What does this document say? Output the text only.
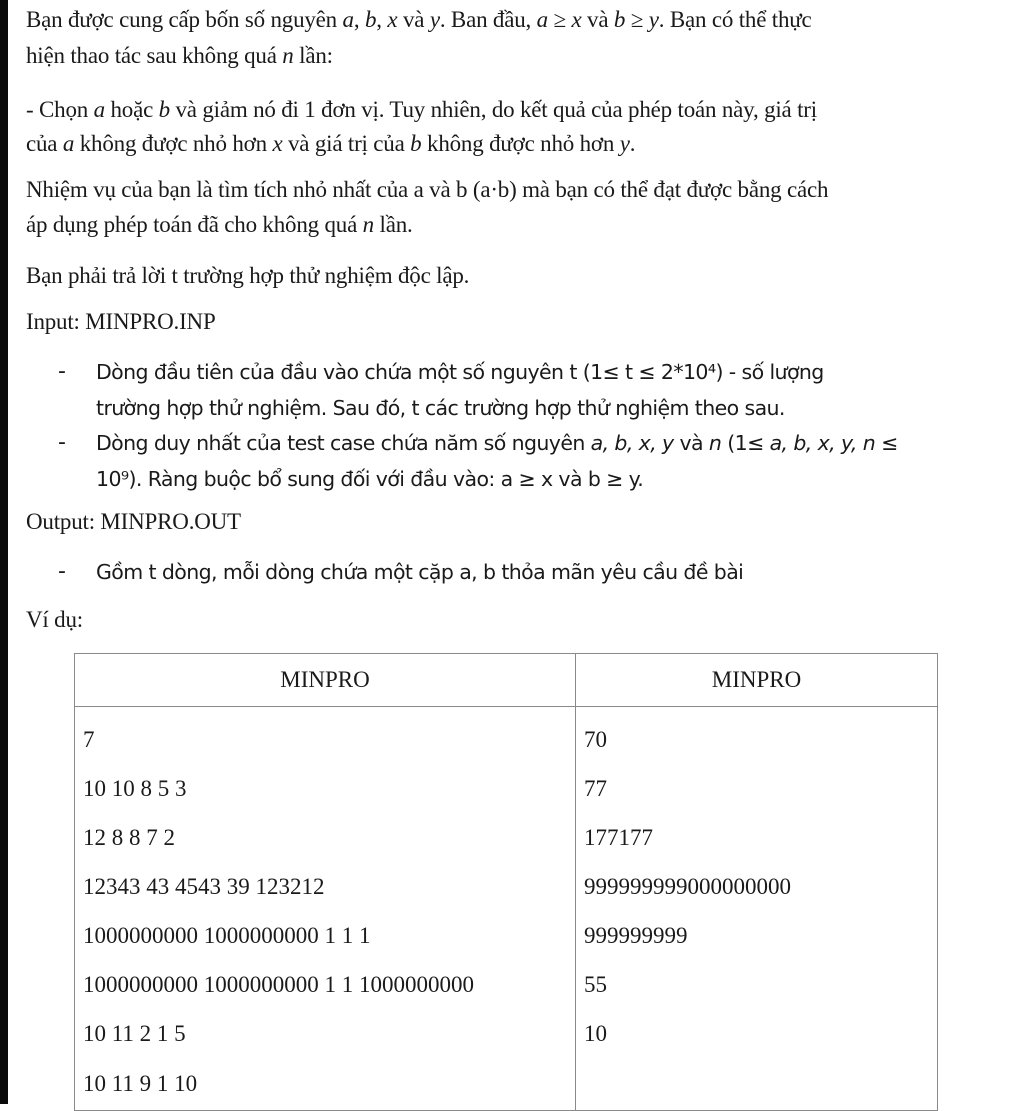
Bạn được cung cấp bốn số nguyên a, b, x và y. Ban đầu, a ≥ x và b ≥ y. Bạn có thể thực
hiện thao tác sau không quá n lần:
- Chọn a hoặc b và giảm nó đi 1 đơn vị. Tuy nhiên, do kết quả của phép toán này, giá trị
của a không được nhỏ hơn x và giá trị của b không được nhỏ hơn y.
Nhiệm vụ của bạn là tìm tích nhỏ nhất của a và b (a·b) mà bạn có thể đạt được bằng cách
áp dụng phép toán đã cho không quá n lần.
Bạn phải trả lời t trường hợp thử nghiệm độc lập.
Input: MINPRO.INP
- Dòng đầu tiên của đầu vào chứa một số nguyên t (1≤ t ≤ 2*10⁴) - số lượng
trường hợp thử nghiệm. Sau đó, t các trường hợp thử nghiệm theo sau.
- Dòng duy nhất của test case chứa năm số nguyên a, b, x, y và n (1≤ a, b, x, y, n ≤
10⁹). Ràng buộc bổ sung đối với đầu vào: a ≥ x và b ≥ y.
Output: MINPRO.OUT
- Gồm t dòng, mỗi dòng chứa một cặp a, b thỏa mãn yêu cầu đề bài
Ví dụ:
MINPRO	MINPRO
7	70
10 10 8 5 3	77
12 8 8 7 2	177177
12343 43 4543 39 123212	999999999000000000
1000000000 1000000000 1 1 1	999999999
1000000000 1000000000 1 1 1000000000	55
10 11 2 1 5	10
10 11 9 1 10	
